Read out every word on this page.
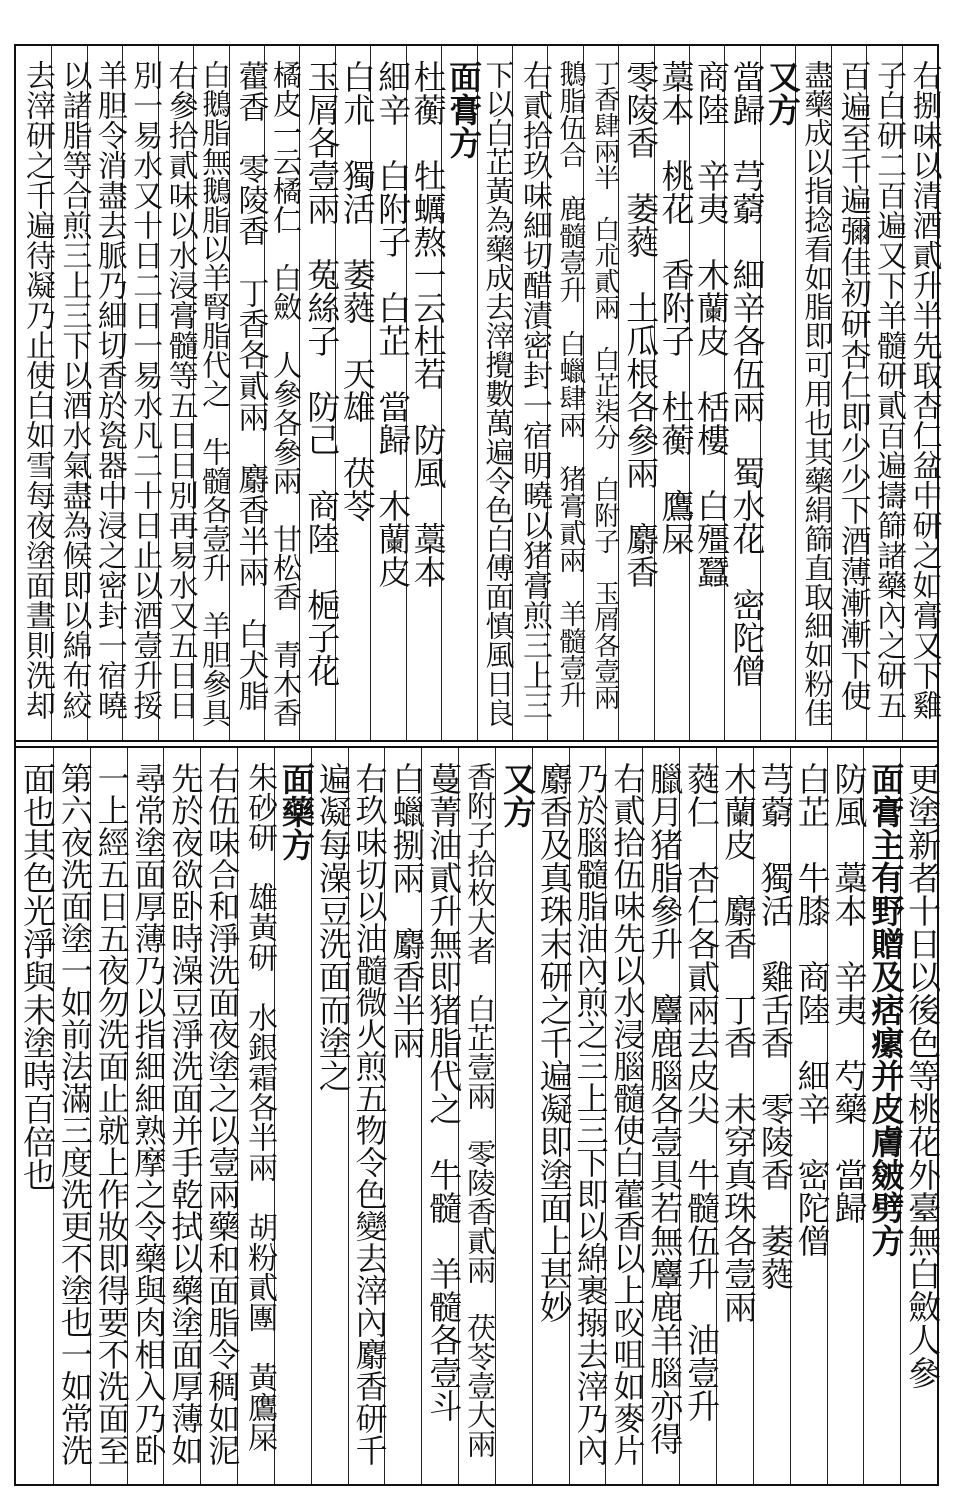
右捌味以清酒貳升半先取杏仁盆中研之如膏又下雞
子白研二百遍又下羊髓研貳百遍擣篩諸藥內之研五
百遍至千遍彌佳初研杏仁即少少下酒薄漸漸下使
盡藥成以指捻看如脂即可用也其藥絹篩直取細如粉佳
又方
當歸　芎藭　細辛各伍兩　蜀水花　密陀僧
商陸　辛夷　木蘭皮　栝樓　白殭蠶
藁本　桃花　香附子　杜蘅　鷹屎
零陵香　萎蕤　土瓜根各參兩　麝香
丁香肆兩半　白朮貳兩　白芷柒分　白附子　玉屑各壹兩
鵝脂伍合　鹿髓壹升　白蠟肆兩　猪膏貳兩　羊髓壹升
右貳拾玖味細切醋漬密封一宿明曉以猪膏煎三上三
下以白芷黃為藥成去滓攪數萬遍令色白傅面慎風日良
面膏方
杜蘅　牡蠣熬一云杜若　防風　藁本
細辛　白附子　白芷　當歸　木蘭皮
白朮　獨活　萎蕤　天雄　茯苓
玉屑各壹兩　菟絲子　防己　商陸　梔子花
橘皮一云橘仁　白斂　人參各參兩　甘松香　青木香
藿香　零陵香　丁香各貳兩　麝香半兩　白犬脂
白鵝脂無鵝脂以羊腎脂代之　牛髓各壹升　羊胆參具
右參拾貳味以水浸膏髓等五日日別再易水又五日日
別一易水又十日二日一易水凡二十日止以酒壹升挼
羊胆令消盡去脈乃細切香於瓷器中浸之密封一宿曉
以諸脂等合煎三上三下以酒水氣盡為候即以綿布絞
去滓研之千遍待凝乃止使白如雪每夜塗面晝則洗却
更塗新者十日以後色等桃花外臺無白斂人參
面膏主有野贈及痞瘰并皮膚皴劈方
防風　藁本　辛夷　芍藥　當歸
白芷　牛膝　商陸　細辛　密陀僧
芎藭　獨活　雞舌香　零陵香　萎蕤
木蘭皮　麝香　丁香　未穿真珠各壹兩
蕤仁　杏仁各貳兩去皮尖　牛髓伍升　油壹升
臘月猪脂參升　麞鹿腦各壹具若無麞鹿羊腦亦得
右貳拾伍味先以水浸腦髓使白藿香以上㕮咀如麥片
乃於腦髓脂油內煎之三上三下即以綿裹搦去滓乃內
麝香及真珠末研之千遍凝即塗面上甚妙
又方
香附子拾枚大者　白芷壹兩　零陵香貳兩　茯苓壹大兩
蔓菁油貳升無即猪脂代之　牛髓　羊髓各壹斗
白蠟捌兩　麝香半兩
右玖味切以油髓微火煎五物令色變去滓內麝香研千
遍凝每澡豆洗面而塗之
面藥方
朱砂研　雄黃研　水銀霜各半兩　胡粉貳團　黃鷹屎
右伍味合和淨洗面夜塗之以壹兩藥和面脂令稠如泥
先於夜欲卧時澡豆淨洗面并手乾拭以藥塗面厚薄如
尋常塗面厚薄乃以指細細熟摩之令藥與肉相入乃卧
一上經五日五夜勿洗面止就上作妝即得要不洗面至
第六夜洗面塗一如前法滿三度洗更不塗也一如常洗
面也其色光淨與未塗時百倍也
